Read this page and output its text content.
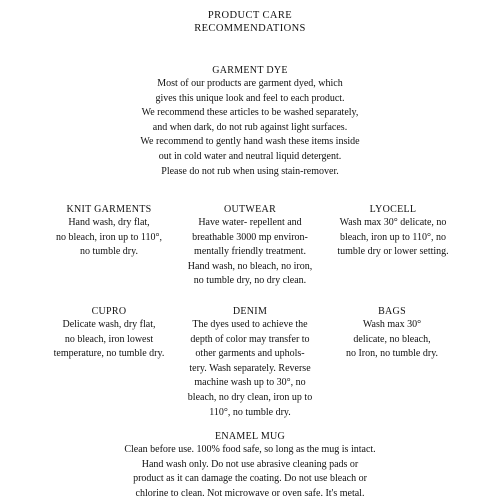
PRODUCT CARE
RECOMMENDATIONS
GARMENT DYE
Most of our products are garment dyed, which
gives this unique look and feel to each product.
We recommend these articles to be washed separately,
and when dark, do not rub against light surfaces.
We recommend to gently hand wash these items inside
out in cold water and neutral liquid detergent.
Please do not rub when using stain-remover.
KNIT GARMENTS
Hand wash, dry flat,
no bleach, iron up to 110°,
no tumble dry.
OUTWEAR
Have water- repellent and
breathable 3000 mp environ-
mentally friendly treatment.
Hand wash, no bleach, no iron,
no tumble dry, no dry clean.
LYOCELL
Wash max 30° delicate, no
bleach, iron up to 110°, no
tumble dry or lower setting.
CUPRO
Delicate wash, dry flat,
no bleach, iron lowest
temperature, no tumble dry.
DENIM
The dyes used to achieve the
depth of color may transfer to
other garments and uphols-
tery. Wash separately. Reverse
machine wash up to 30°, no
bleach, no dry clean, iron up to
110°, no tumble dry.
BAGS
Wash max 30°
delicate, no bleach,
no Iron, no tumble dry.
ENAMEL MUG
Clean before use. 100% food safe, so long as the mug is intact.
Hand wash only. Do not use abrasive cleaning pads or
product as it can damage the coating. Do not use bleach or
chlorine to clean. Not microwave or oven safe. It's metal.
